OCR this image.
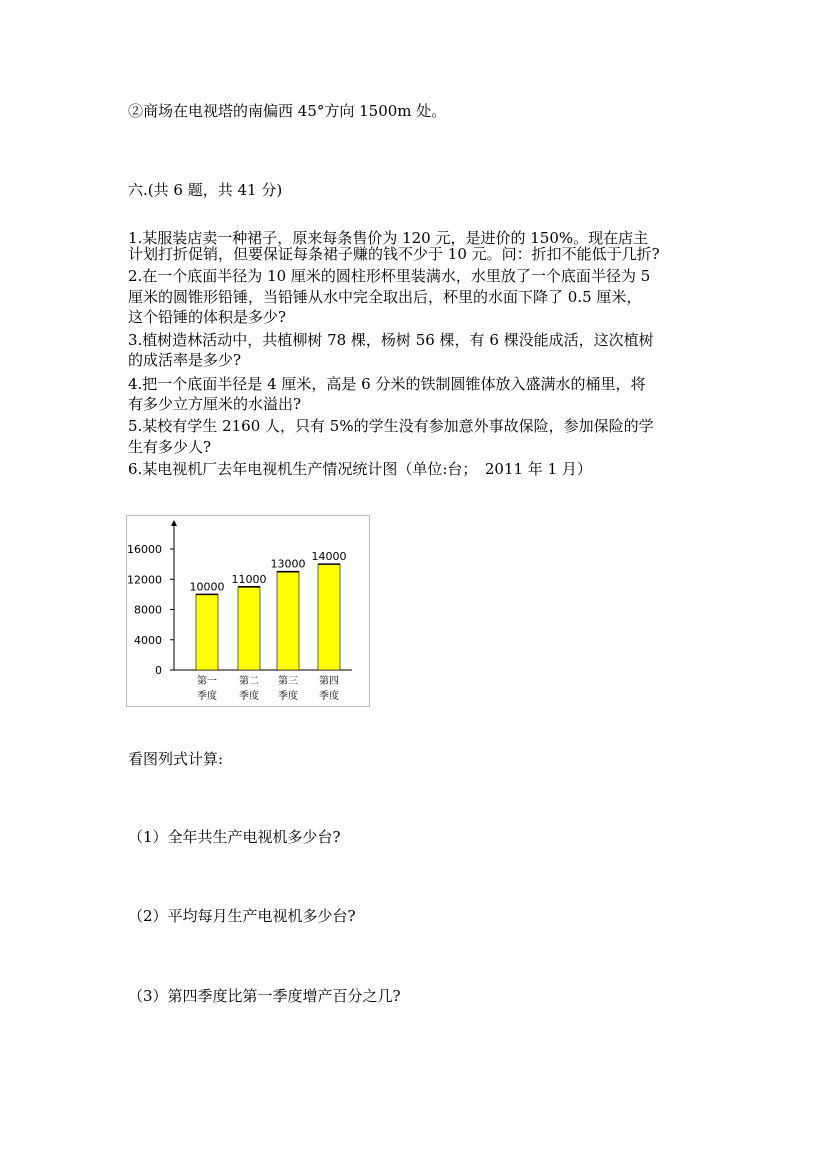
②商场在电视塔的南偏西 45°方向 1500m 处。
六.(共 6 题，共 41 分)
1.某服装店卖一种裙子，原来每条售价为 120 元，是进价的 150%。现在店主
计划打折促销，但要保证每条裙子赚的钱不少于 10 元。问：折扣不能低于几折?
2.在一个底面半径为 10 厘米的圆柱形杯里装满水，水里放了一个底面半径为 5
厘米的圆锥形铅锤，当铅锤从水中完全取出后，杯里的水面下降了 0.5 厘米，
这个铅锤的体积是多少?
3.植树造林活动中，共植柳树 78 棵，杨树 56 棵，有 6 棵没能成活，这次植树
的成活率是多少?
4.把一个底面半径是 4 厘米，高是 6 分米的铁制圆锥体放入盛满水的桶里，将
有多少立方厘米的水溢出?
5.某校有学生 2160 人，只有 5%的学生没有参加意外事故保险，参加保险的学
生有多少人?
6.某电视机厂去年电视机生产情况统计图（单位:台；　2011 年 1 月）
0
4000
8000
12000
16000
10000
第一
季度
11000
第二
季度
13000
第三
季度
14000
第四
季度
看图列式计算:
（1）全年共生产电视机多少台?
（2）平均每月生产电视机多少台?
（3）第四季度比第一季度增产百分之几?
